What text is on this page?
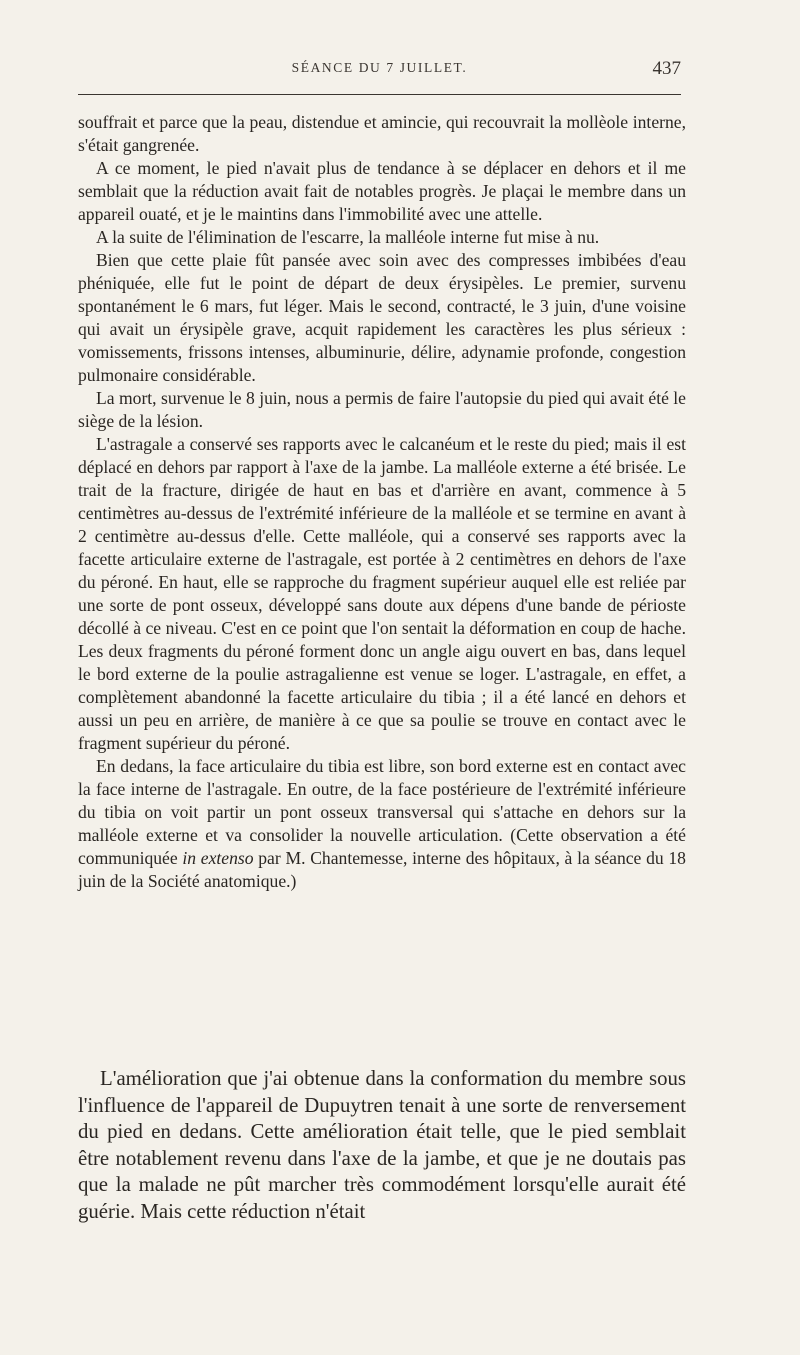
SÉANCE DU 7 JUILLET.	437

souffrait et parce que la peau, distendue et amincie, qui recouvrait la mollèole interne, s'était gangrenée.

A ce moment, le pied n'avait plus de tendance à se déplacer en dehors et il me semblait que la réduction avait fait de notables progrès. Je plaçai le membre dans un appareil ouaté, et je le maintins dans l'immobilité avec une attelle.

A la suite de l'élimination de l'escarre, la malléole interne fut mise à nu.

Bien que cette plaie fût pansée avec soin avec des compresses imbibées d'eau phéniquée, elle fut le point de départ de deux érysipèles. Le premier, survenu spontanément le 6 mars, fut léger. Mais le second, contracté, le 3 juin, d'une voisine qui avait un érysipèle grave, acquit rapidement les caractères les plus sérieux : vomissements, frissons intenses, albuminurie, délire, adynamie profonde, congestion pulmonaire considérable.

La mort, survenue le 8 juin, nous a permis de faire l'autopsie du pied qui avait été le siège de la lésion.

L'astragale a conservé ses rapports avec le calcanéum et le reste du pied; mais il est déplacé en dehors par rapport à l'axe de la jambe. La malléole externe a été brisée. Le trait de la fracture, dirigée de haut en bas et d'arrière en avant, commence à 5 centimètres au-dessus de l'extrémité inférieure de la malléole et se termine en avant à 2 centimètre au-dessus d'elle. Cette malléole, qui a conservé ses rapports avec la facette articulaire externe de l'astragale, est portée à 2 centimètres en dehors de l'axe du péroné. En haut, elle se rapproche du fragment supérieur auquel elle est reliée par une sorte de pont osseux, développé sans doute aux dépens d'une bande de périoste décollé à ce niveau. C'est en ce point que l'on sentait la déformation en coup de hache. Les deux fragments du péroné forment donc un angle aigu ouvert en bas, dans lequel le bord externe de la poulie astragalienne est venue se loger. L'astragale, en effet, a complètement abandonné la facette articulaire du tibia ; il a été lancé en dehors et aussi un peu en arrière, de manière à ce que sa poulie se trouve en contact avec le fragment supérieur du péroné.

En dedans, la face articulaire du tibia est libre, son bord externe est en contact avec la face interne de l'astragale. En outre, de la face postérieure de l'extrémité inférieure du tibia on voit partir un pont osseux transversal qui s'attache en dehors sur la malléole externe et va consolider la nouvelle articulation. (Cette observation a été communiquée in extenso par M. Chantemesse, interne des hôpitaux, à la séance du 18 juin de la Société anatomique.)

L'amélioration que j'ai obtenue dans la conformation du membre sous l'influence de l'appareil de Dupuytren tenait à une sorte de renversement du pied en dedans. Cette amélioration était telle, que le pied semblait être notablement revenu dans l'axe de la jambe, et que je ne doutais pas que la malade ne pût marcher très commodément lorsqu'elle aurait été guérie. Mais cette réduction n'était
